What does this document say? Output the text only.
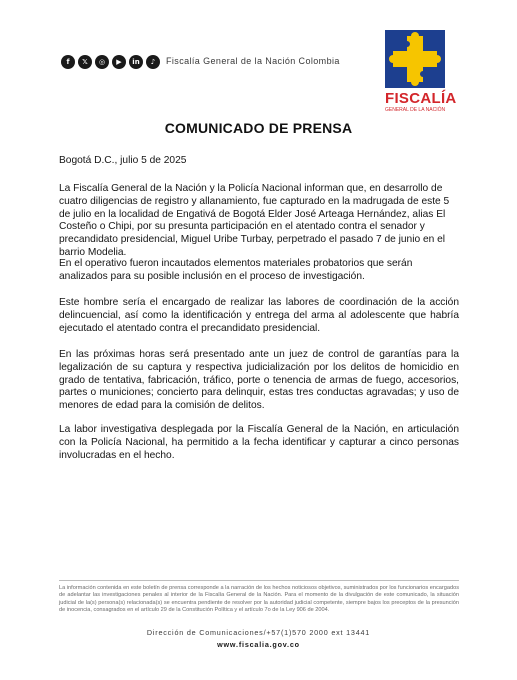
f	𝕏	◎	▶	in	♪	Fiscalía General de la Nación Colombia
FISCALÍA
GENERAL DE LA NACIÓN
COMUNICADO DE PRENSA
Bogotá D.C., julio 5 de 2025
La Fiscalía General de la Nación y la Policía Nacional informan que, en desarrollo de cuatro diligencias de registro y allanamiento, fue capturado en la madrugada de este 5 de julio en la localidad de Engativá de Bogotá Elder José Arteaga Hernández, alias El Costeño o Chipi, por su presunta participación en el atentado contra el senador y precandidato presidencial, Miguel Uribe Turbay, perpetrado el pasado 7 de junio en el barrio Modelia.
En el operativo fueron incautados elementos materiales probatorios que serán analizados para su posible inclusión en el proceso de investigación.
Este hombre sería el encargado de realizar las labores de coordinación de la acción delincuencial, así como la identificación y entrega del arma al adolescente que habría ejecutado el atentado contra el precandidato presidencial.
En las próximas horas será presentado ante un juez de control de garantías para la legalización de su captura y respectiva judicialización por los delitos de homicidio en grado de tentativa, fabricación, tráfico, porte o tenencia de armas de fuego, accesorios, partes o municiones; concierto para delinquir, estas tres conductas agravadas; y uso de menores de edad para la comisión de delitos.
La labor investigativa desplegada por la Fiscalía General de la Nación, en articulación con la Policía Nacional, ha permitido a la fecha identificar y capturar a cinco personas involucradas en el hecho.
La información contenida en este boletín de prensa corresponde a la narración de los hechos noticiosos objetivos, suministrados por los funcionarios encargados de adelantar las investigaciones penales al interior de la Fiscalía General de la Nación. Para el momento de la divulgación de este comunicado, la situación judicial de la(s) persona(s) relacionada(s) se encuentra pendiente de resolver por la autoridad judicial competente, siempre bajos los preceptos de la presunción de inocencia, consagrados en el artículo 29 de la Constitución Política y el artículo 7o de la Ley 906 de 2004.
Dirección de Comunicaciones/+57(1)570 2000 ext 13441
www.fiscalia.gov.co
